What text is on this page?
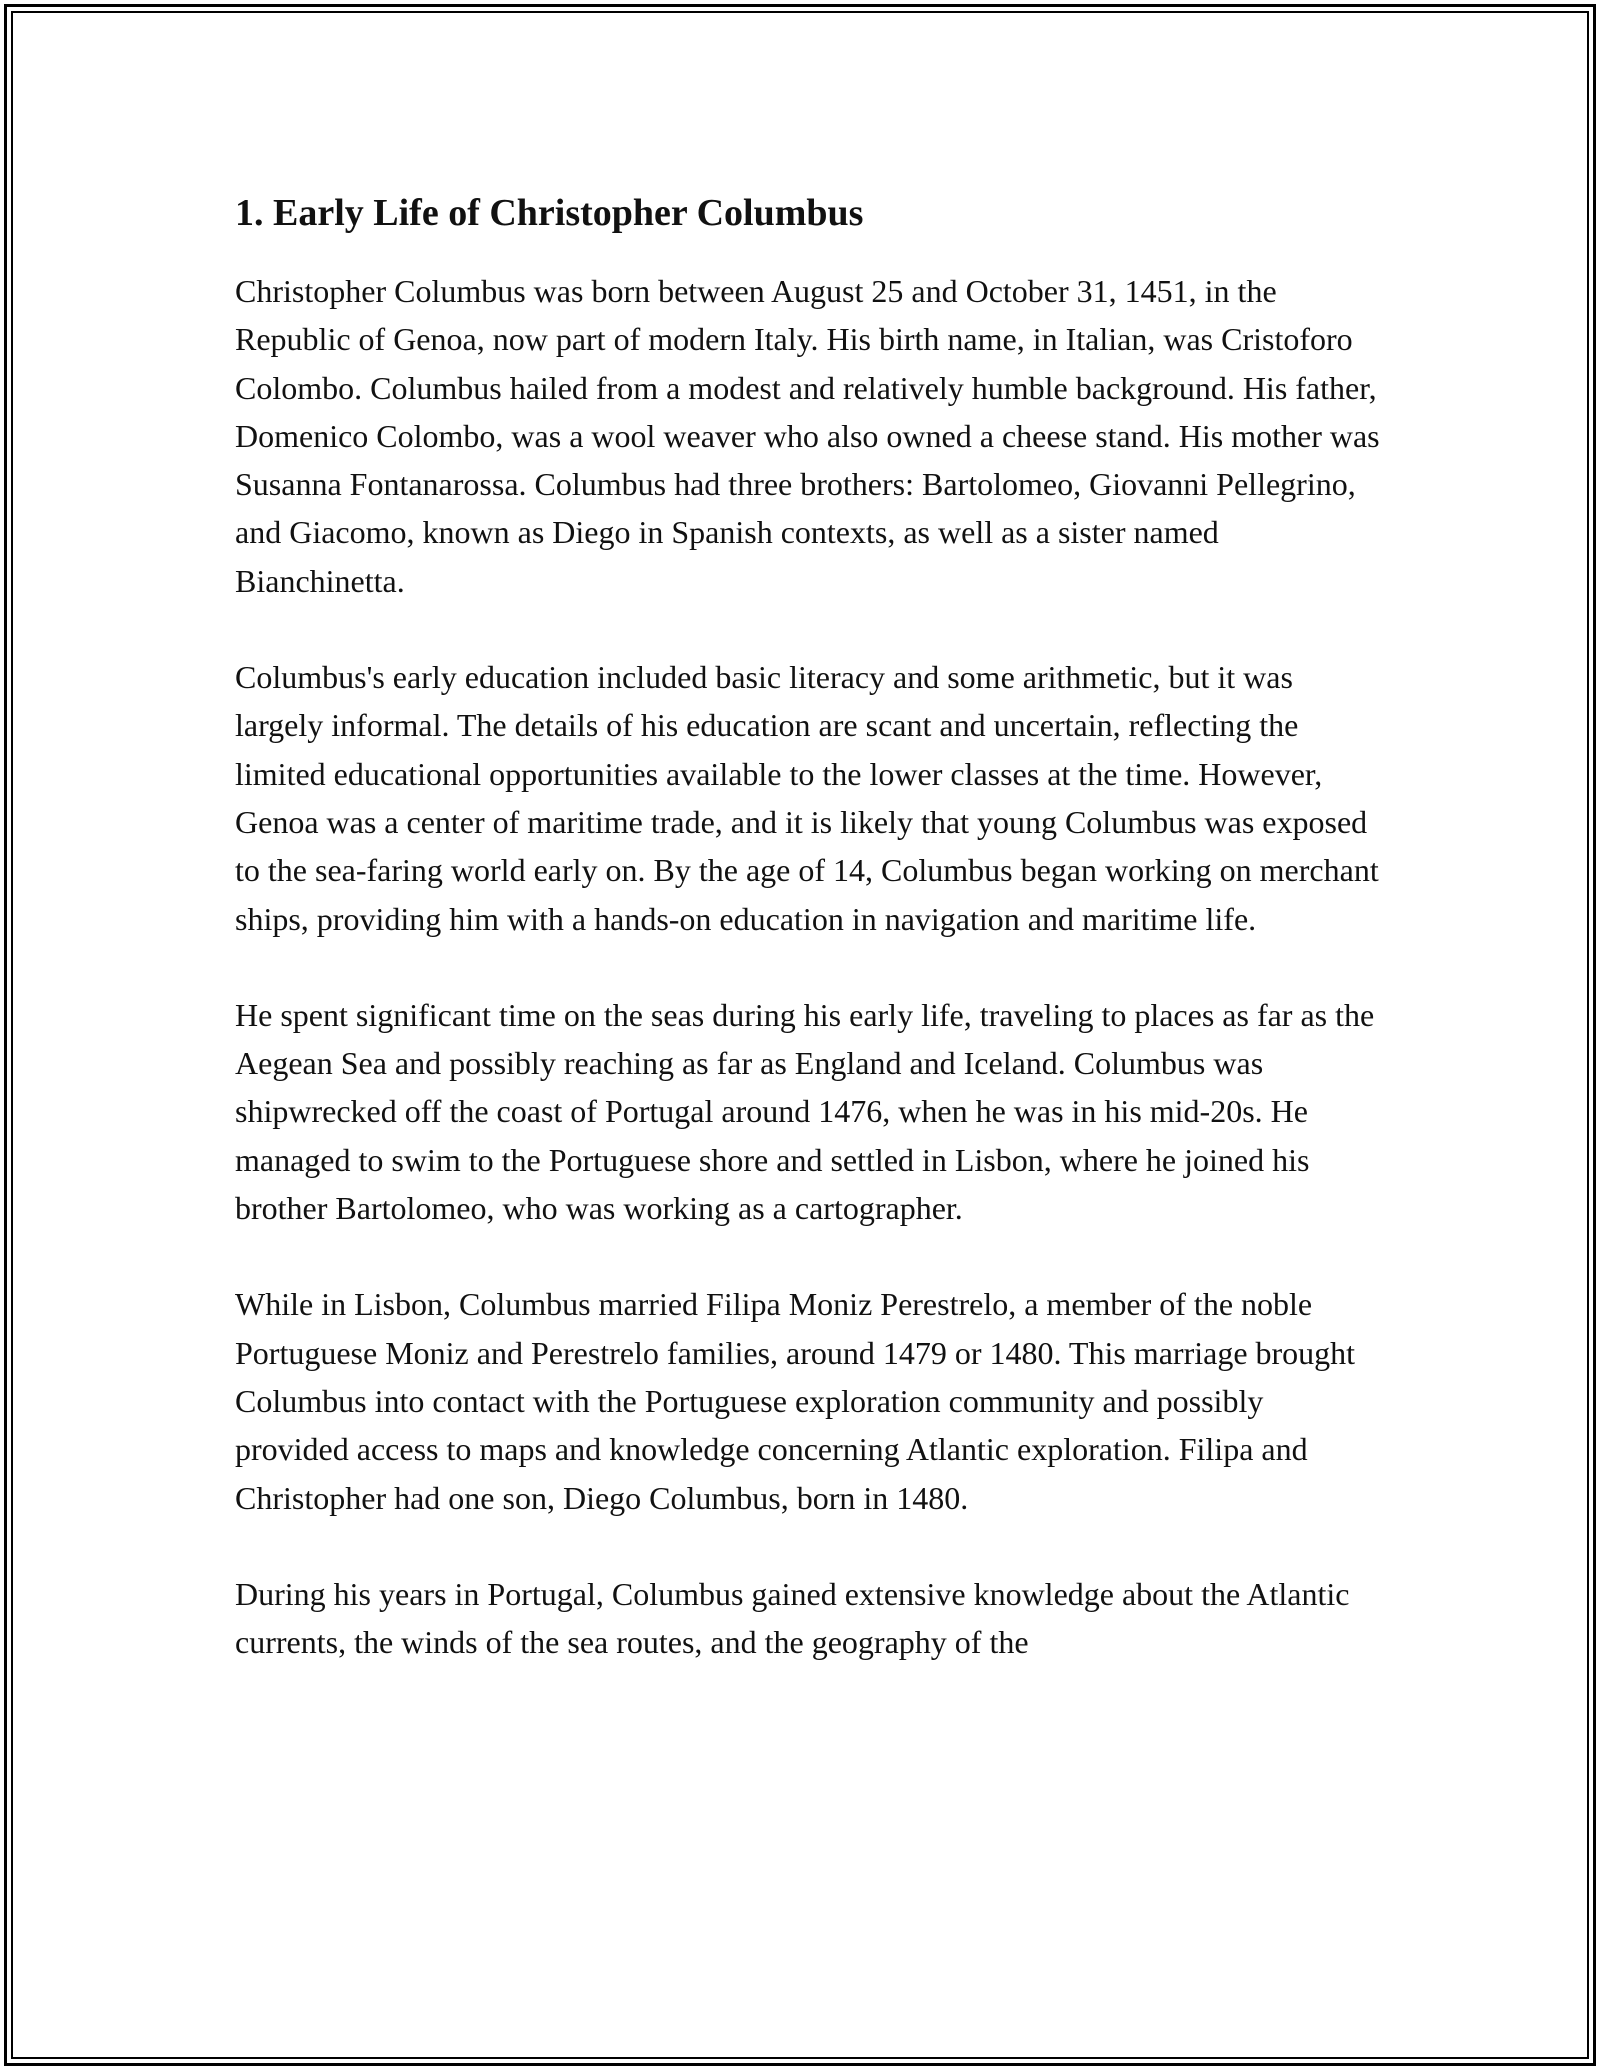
1. Early Life of Christopher Columbus

Christopher Columbus was born between August 25 and October 31, 1451, in the Republic of Genoa, now part of modern Italy. His birth name, in Italian, was Cristoforo Colombo. Columbus hailed from a modest and relatively humble background. His father, Domenico Colombo, was a wool weaver who also owned a cheese stand. His mother was Susanna Fontanarossa. Columbus had three brothers: Bartolomeo, Giovanni Pellegrino, and Giacomo, known as Diego in Spanish contexts, as well as a sister named Bianchinetta.

Columbus's early education included basic literacy and some arithmetic, but it was largely informal. The details of his education are scant and uncertain, reflecting the limited educational opportunities available to the lower classes at the time. However, Genoa was a center of maritime trade, and it is likely that young Columbus was exposed to the sea-faring world early on. By the age of 14, Columbus began working on merchant ships, providing him with a hands-on education in navigation and maritime life.

He spent significant time on the seas during his early life, traveling to places as far as the Aegean Sea and possibly reaching as far as England and Iceland. Columbus was shipwrecked off the coast of Portugal around 1476, when he was in his mid-20s. He managed to swim to the Portuguese shore and settled in Lisbon, where he joined his brother Bartolomeo, who was working as a cartographer.

While in Lisbon, Columbus married Filipa Moniz Perestrelo, a member of the noble Portuguese Moniz and Perestrelo families, around 1479 or 1480. This marriage brought Columbus into contact with the Portuguese exploration community and possibly provided access to maps and knowledge concerning Atlantic exploration. Filipa and Christopher had one son, Diego Columbus, born in 1480.

During his years in Portugal, Columbus gained extensive knowledge about the Atlantic currents, the winds of the sea routes, and the geography of the
